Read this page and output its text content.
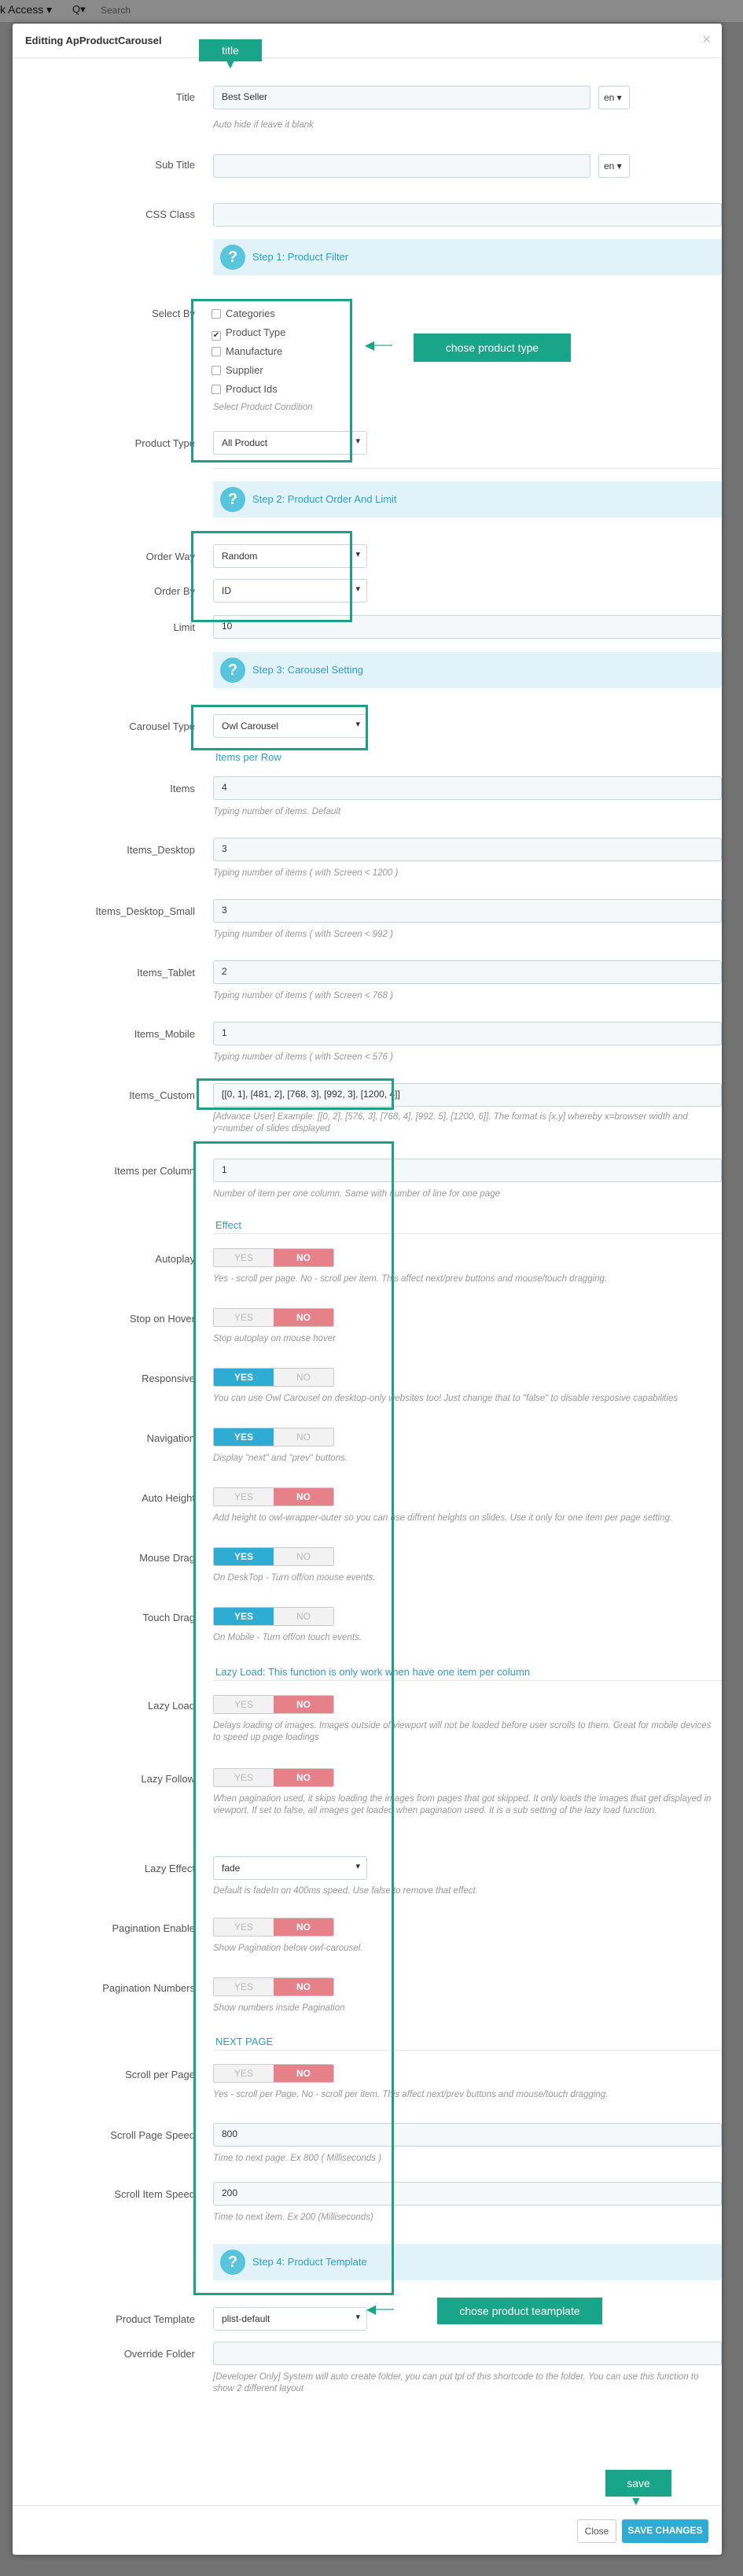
k Access ▾ Q▾ Search
Editting ApProductCarousel	×
Title	Best Seller	en ▾
Auto hide if leave it blank
Sub Title	en ▾
CSS Class
?	Step 1: Product Filter
Select By	Categories
✔ Product Type
Manufacture
Supplier
Product Ids
Select Product Condition
Product Type	All Product	▾
?	Step 2: Product Order And Limit
Order Way	Random	▾
Order By	ID	▾
Limit	10
?	Step 3: Carousel Setting
Carousel Type	Owl Carousel	▾
Items per Row
Items	4
Typing number of items. Default
Items_Desktop	3
Typing number of items ( with Screen < 1200 )
Items_Desktop_Small	3
Typing number of items ( with Screen < 992 )
Items_Tablet	2
Typing number of items ( with Screen < 768 )
Items_Mobile	1
Typing number of items ( with Screen < 576 )
Items_Custom	[[0, 1], [481, 2], [768, 3], [992, 3], [1200, 4]]
[Advance User] Example: [[0, 2], [576, 3], [768, 4], [992, 5], [1200, 6]]. The format is [x,y] whereby x=browser width and y=number of slides displayed
Items per Column	1
Number of item per one column. Same with number of line for one page
Effect
Autoplay	YES	NO
Yes - scroll per page. No - scroll per item. This affect next/prev buttons and mouse/touch dragging.
Stop on Hover	YES	NO
Stop autoplay on mouse hover
Responsive	YES	NO
You can use Owl Carousel on desktop-only websites too! Just change that to "false" to disable resposive capabilities
Navigation	YES	NO
Display "next" and "prev" buttons.
Auto Height	YES	NO
Add height to owl-wrapper-outer so you can use diffrent heights on slides. Use it only for one item per page setting.
Mouse Drag	YES	NO
On DeskTop - Turn off/on mouse events.
Touch Drag	YES	NO
On Mobile - Turn off/on touch events.
Lazy Load: This function is only work when have one item per column
Lazy Load	YES	NO
Delays loading of images. Images outside of viewport will not be loaded before user scrolls to them. Great for mobile devices to speed up page loadings
Lazy Follow	YES	NO
When pagination used, it skips loading the images from pages that got skipped. It only loads the images that get displayed in viewport. If set to false, all images get loaded when pagination used. It is a sub setting of the lazy load function.
Lazy Effect	fade	▾
Default is fadeIn on 400ms speed. Use false to remove that effect.
Pagination Enable	YES	NO
Show Pagination below owl-carousel.
Pagination Numbers	YES	NO
Show numbers inside Pagination
NEXT PAGE
Scroll per Page	YES	NO
Yes - scroll per Page. No - scroll per item. This affect next/prev buttons and mouse/touch dragging.
Scroll Page Speed	800
Time to next page. Ex 800 ( Milliseconds )
Scroll Item Speed	200
Time to next item. Ex 200 (Milliseconds)
?	Step 4: Product Template
Product Template	plist-default	▾
Override Folder
[Developer Only] System will auto create folder, you can put tpl of this shortcode to the folder. You can use this function to show 2 different layout
title
▼
chose product type
◀──
chose product teamplate
◀──
save
▼
Close	SAVE CHANGES
